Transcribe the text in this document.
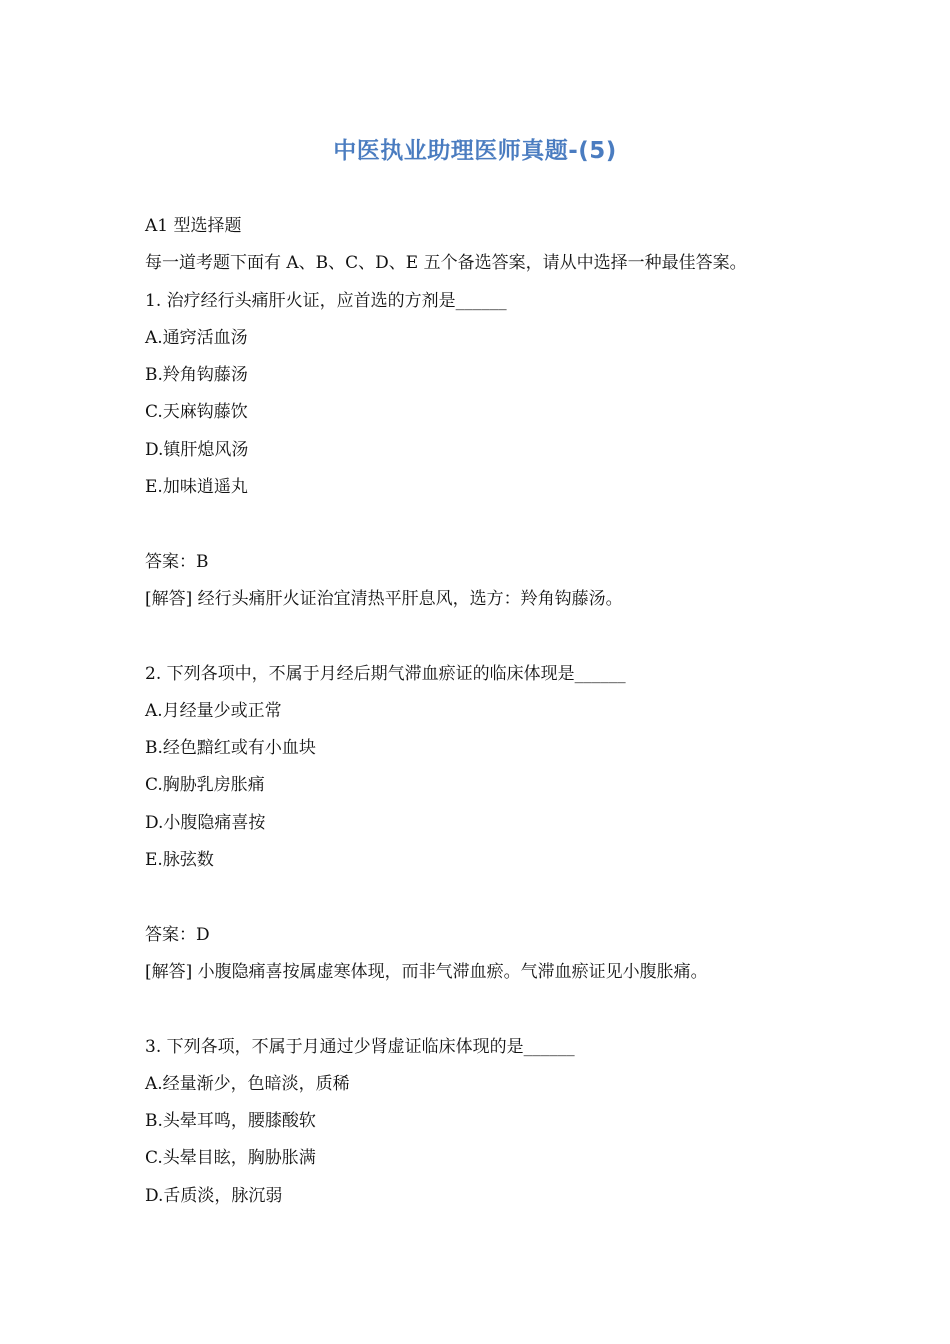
中医执业助理医师真题-(5)
A1 型选择题
每一道考题下面有 A、B、C、D、E 五个备选答案，请从中选择一种最佳答案。
1. 治疗经行头痛肝火证，应首选的方剂是______
A.通窍活血汤
B.羚角钩藤汤
C.天麻钩藤饮
D.镇肝熄风汤
E.加味逍遥丸
答案：B
[解答] 经行头痛肝火证治宜清热平肝息风，选方：羚角钩藤汤。
2. 下列各项中，不属于月经后期气滞血瘀证的临床体现是______
A.月经量少或正常
B.经色黯红或有小血块
C.胸胁乳房胀痛
D.小腹隐痛喜按
E.脉弦数
答案：D
[解答] 小腹隐痛喜按属虚寒体现，而非气滞血瘀。气滞血瘀证见小腹胀痛。
3. 下列各项，不属于月通过少肾虚证临床体现的是______
A.经量渐少，色暗淡，质稀
B.头晕耳鸣，腰膝酸软
C.头晕目眩，胸胁胀满
D.舌质淡，脉沉弱
